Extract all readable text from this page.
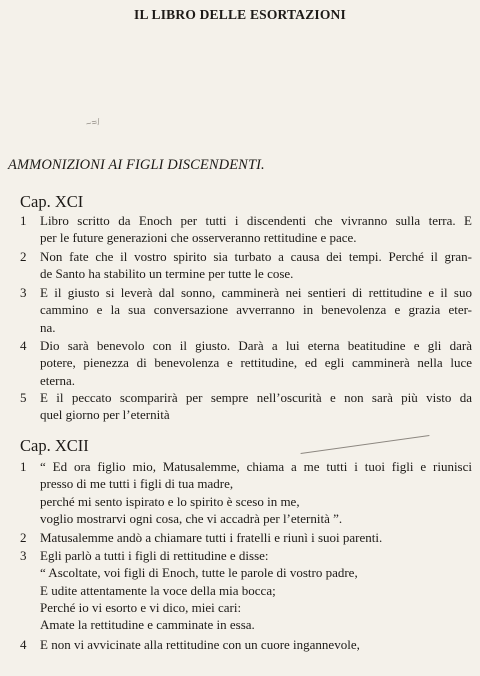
IL LIBRO DELLE ESORTAZIONI
−=/
AMMONIZIONI AI FIGLI DISCENDENTI.
Cap. XCI
1	Libro scritto da Enoch per tutti i discendenti che vivranno sulla terra. E
per le future generazioni che osserveranno rettitudine e pace.
2	Non fate che il vostro spirito sia turbato a causa dei tempi. Perché il gran-
de Santo ha stabilito un termine per tutte le cose.
3	E il giusto si leverà dal sonno, camminerà nei sentieri di rettitudine e il suo
cammino e la sua conversazione avverranno in benevolenza e grazia eter-
na.
4	Dio sarà benevolo con il giusto. Darà a lui eterna beatitudine e gli darà
potere, pienezza di benevolenza e rettitudine, ed egli camminerà nella luce
eterna.
5	E il peccato scomparirà per sempre nell’oscurità e non sarà più visto da
quel giorno per l’eternità
Cap. XCII
1	“ Ed ora figlio mio, Matusalemme, chiama a me tutti i tuoi figli e riunisci
presso di me tutti i figli di tua madre,
perché mi sento ispirato e lo spirito è sceso in me,
voglio mostrarvi ogni cosa, che vi accadrà per l’eternità ”.
2	Matusalemme andò a chiamare tutti i fratelli e riunì i suoi parenti.
3	Egli parlò a tutti i figli di rettitudine e disse:
“ Ascoltate, voi figli di Enoch, tutte le parole di vostro padre,
E udite attentamente la voce della mia bocca;
Perché io vi esorto e vi dico, miei cari:
Amate la rettitudine e camminate in essa.
4	E non vi avvicinate alla rettitudine con un cuore ingannevole,
